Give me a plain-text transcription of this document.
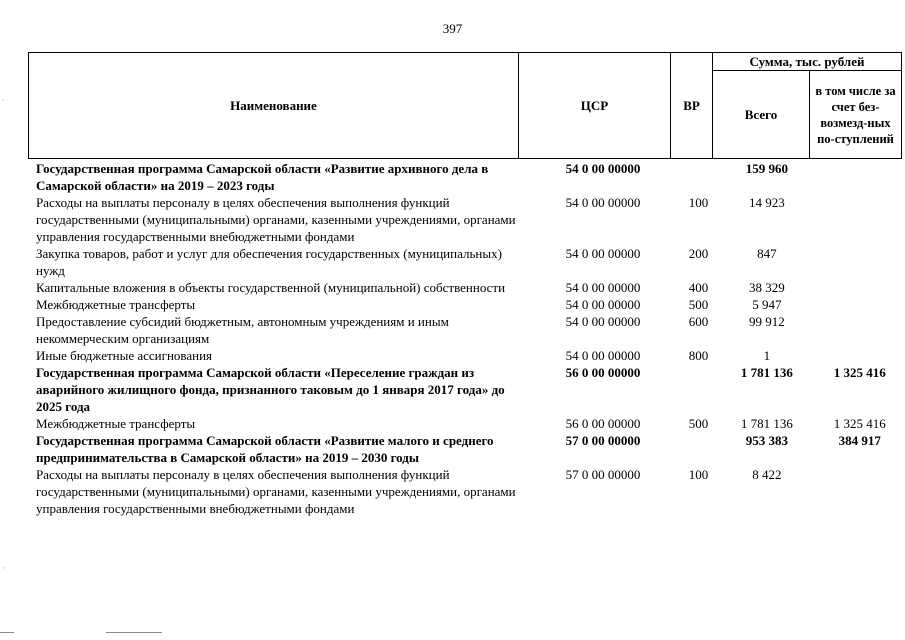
397
·
·
Наименование	ЦСР	ВР	Сумма, тыс. рублей	
			Всего	в том числе за счет без-возмезд-ных по-ступлений
Государственная программа Самарской области «Развитие архивного дела в Самарской области» на 2019 – 2023 годы	54 0 00 00000		159 960	
Расходы на выплаты персоналу в целях обеспечения выполнения функций государственными (муниципальными) органами, казенными учреждениями, органами управления государственными внебюджетными фондами	54 0 00 00000	100	14 923	
Закупка товаров, работ и услуг для обеспечения государственных (муниципальных) нужд	54 0 00 00000	200	847	
Капитальные вложения в объекты государственной (муниципальной) собственности	54 0 00 00000	400	38 329	
Межбюджетные трансферты	54 0 00 00000	500	5 947	
Предоставление субсидий бюджетным, автономным учреждениям и иным некоммерческим организациям	54 0 00 00000	600	99 912	
Иные бюджетные ассигнования	54 0 00 00000	800	1	
Государственная программа Самарской области «Переселение граждан из аварийного жилищного фонда, признанного таковым до 1 января 2017 года» до 2025 года	56 0 00 00000		1 781 136	1 325 416
Межбюджетные трансферты	56 0 00 00000	500	1 781 136	1 325 416
Государственная программа Самарской области «Развитие малого и среднего предпринимательства в Самарской области» на 2019 – 2030 годы	57 0 00 00000		953 383	384 917
Расходы на выплаты персоналу в целях обеспечения выполнения функций государственными (муниципальными) органами, казенными учреждениями, органами управления государственными внебюджетными фондами	57 0 00 00000	100	8 422	
